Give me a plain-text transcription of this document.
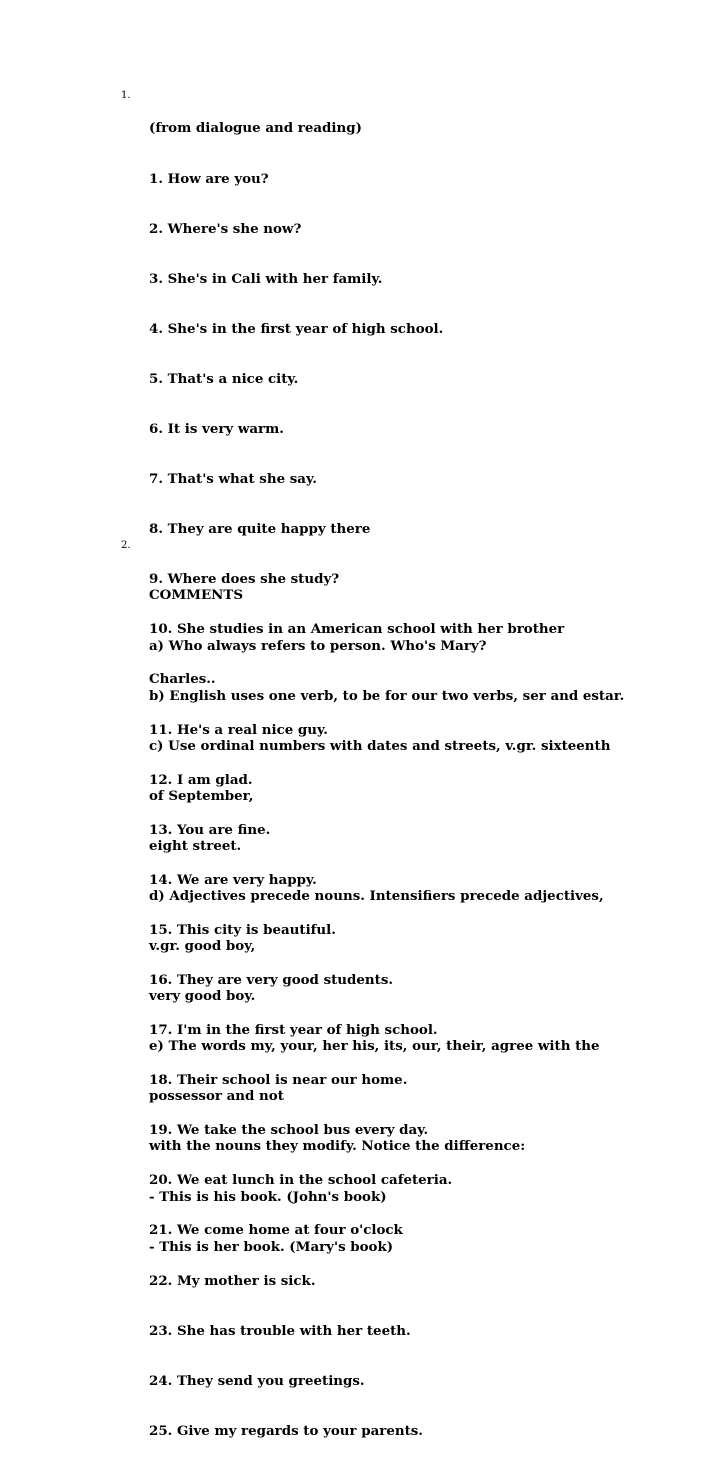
1.

(from dialogue and reading)

1. How are you?

2. Where's she now?

3. She's in Cali with her family.

4. She's in the first year of high school.

5. That's a nice city.

6. It is very warm.

7. That's what she say.

8. They are quite happy there

9. Where does she study?

10. She studies in an American school with her brother

Charles..

11. He's a real nice guy.

12. I am glad.

13. You are fine.

14. We are very happy.

15. This city is beautiful.

16. They are very good students.

17. I'm in the first year of high school.

18. Their school is near our home.

19. We take the school bus every day.

20. We eat lunch in the school cafeteria.

21. We come home at four o'clock

22. My mother is sick.

23. She has trouble with her teeth.

24. They send you greetings.

25. Give my regards to your parents.

2.

COMMENTS

a) Who always refers to person. Who's Mary?

b) English uses one verb, to be for our two verbs, ser and estar.

c) Use ordinal numbers with dates and streets, v.gr. sixteenth

of September,

eight street.

d) Adjectives precede nouns. Intensifiers precede adjectives,

v.gr. good boy,

very good boy.

e) The words my, your, her his, its, our, their, agree with the

possessor and not

with the nouns they modify. Notice the difference:

- This is his book. (John's book)

- This is her book. (Mary's book)
